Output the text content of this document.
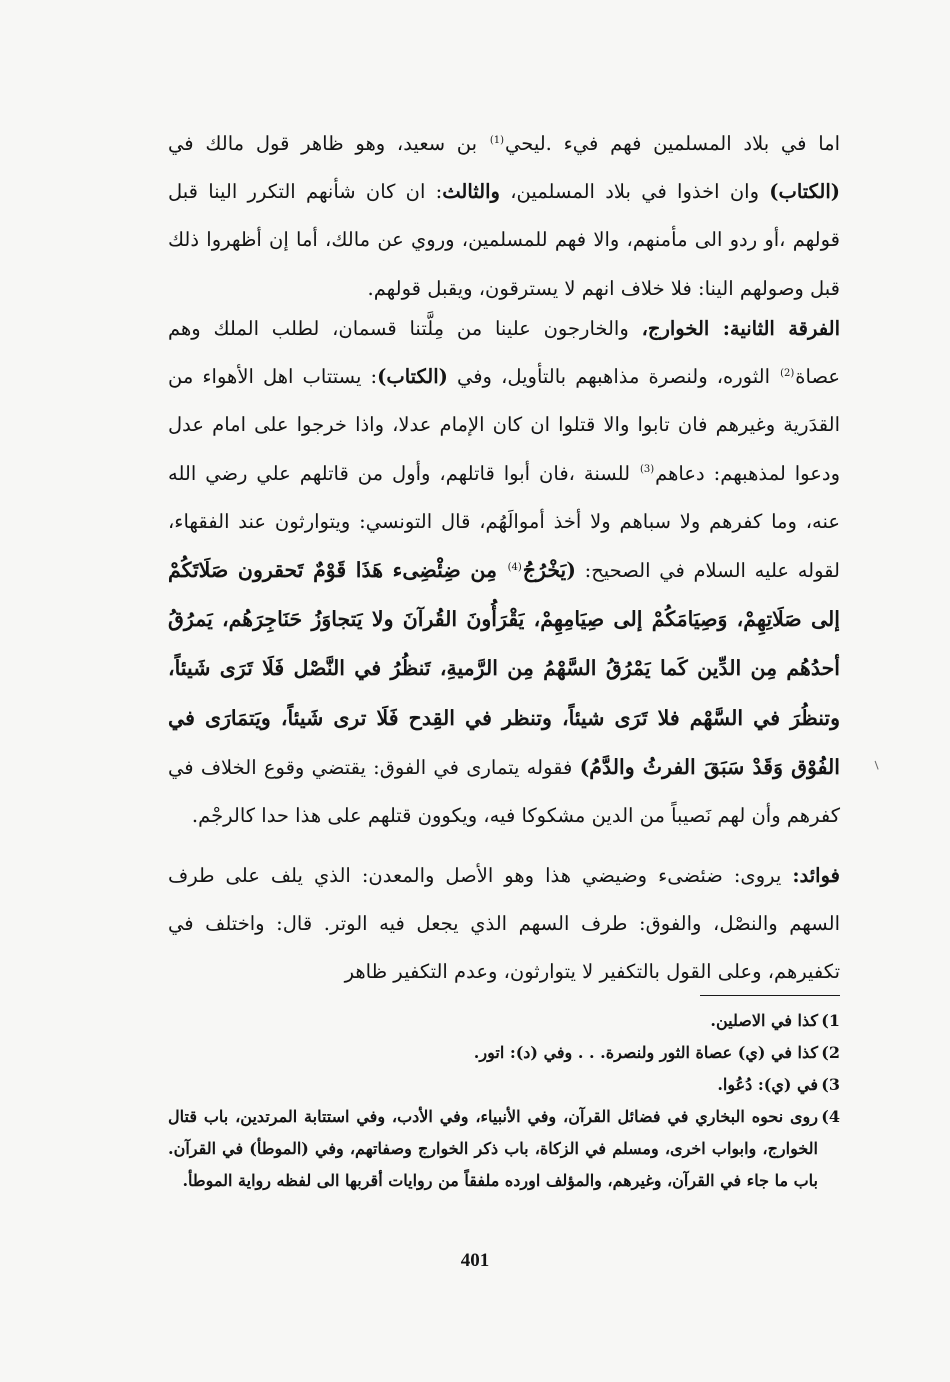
اما في بلاد المسلمين فهم فيء .ليحي$^{(1)}$ بن سعيد، وهو ظاهر قول مالك في (الكتاب) وان اخذوا في بلاد المسلمين، والثالث: ان كان شأنهم التكرر الينا قبل قولهم ،أو ردو الى مأمنهم، والا فهم للمسلمين، وروي عن مالك، أما إن أظهروا ذلك قبل وصولهم الينا: فلا خلاف انهم لا يسترقون، ويقبل قولهم.

الفرقة الثانية: الخوارج، والخارجون علينا من مِلَّتنا قسمان، لطلب الملك وهم عصاة$^{(2)}$ الثوره، ولنصرة مذاهبهم بالتأويل، وفي (الكتاب): يستتاب اهل الأهواء من القدَرية وغيرهم فان تابوا والا قتلوا ان كان الإمام عدلا، واذا خرجوا على امام عدل ودعوا لمذهبهم: دعاهم$^{(3)}$ للسنة ،فان أبوا قاتلهم، وأول من قاتلهم علي رضي الله عنه، وما كفرهم ولا سباهم ولا أخذ أموالَهُم، قال التونسي: ويتوارثون عند الفقهاء، لقوله عليه السلام في الصحيح: (يَخْرُجُ$^{(4)}$ مِن ضِئْضِىء هَذَا قَوْمٌ تَحقرون صَلَاتَكُمْ إلى صَلَاتِهِمْ، وَصِيَامَكُمْ إلى صِيَامِهِمْ، يَقْرَأُونَ القُرآنَ ولا يَتجاوَزُ حَنَاجِرَهُم، يَمرُقُ أحدُهُم مِن الدِّين كَما يَمْرُقُ السَّهْمُ مِن الرَّميةِ، تَنظُرُ في النَّصْل فَلَا تَرَى شَيئاً، وتنظُرَ في السَّهْم فلا تَرَى شيئاً، وتنظر في القِدح فَلَا ترى شَيئاً، ويَتمَارَى في الفُوْق وَقَدْ سَبَقَ الفرثُ والدَّمُ) فقوله يتمارى في الفوق: يقتضي وقوع الخلاف في كفرهم وأن لهم نَصيباً من الدين مشكوكا فيه، ويكوون قتلهم على هذا حدا كالرجْم.

فوائد: يروى: ضئضىء وضيضي هذا وهو الأصل والمعدن: الذي يلف على طرف السهم والنصْل، والفوق: طرف السهم الذي يجعل فيه الوتر. قال: واختلف في تكفيرهم، وعلى القول بالتكفير لا يتوارثون، وعدم التكفير ظاهر

1)
كذا في الاصلين.
2)
كذا في (ي) عصاة الثور ولنصرة. . . وفي (د): اتور.
3)
في (ي): دُعُوا.
4)
روى نحوه البخاري في فضائل القرآن، وفي الأنبياء، وفي الأدب، وفي استتابة المرتدين، باب قتال الخوارج، وابواب اخرى، ومسلم في الزكاة، باب ذكر الخوارج وصفاتهم، وفي (الموطأ) في القرآن. باب ما جاء في القرآن، وغيرهم، والمؤلف اورده ملفقاً من روايات أقربها الى لفظه رواية الموطأ.
401
